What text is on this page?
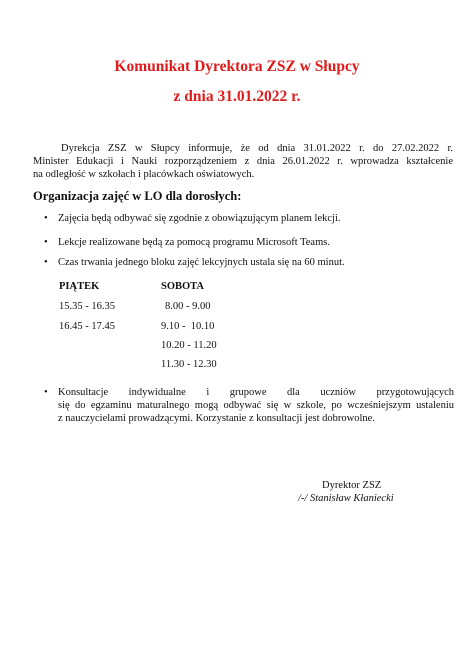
Komunikat Dyrektora ZSZ w Słupcy
z dnia 31.01.2022 r.
Dyrekcja ZSZ w Słupcy informuje, że od dnia 31.01.2022 r. do 27.02.2022 r.
Minister Edukacji i Nauki rozporządzeniem z dnia 26.01.2022 r. wprowadza kształcenie
na odległość w szkołach i placówkach oświatowych.
Organizacja zajęć w LO dla dorosłych:
• Zajęcia będą odbywać się zgodnie z obowiązującym planem lekcji.
• Lekcje realizowane będą za pomocą programu Microsoft Teams.
• Czas trwania jednego bloku zajęć lekcyjnych ustala się na 60 minut.
PIĄTEK	SOBOTA
15.35 - 16.35
16.45 - 17.45
8.00 - 9.00
9.10 -  10.10
10.20 - 11.20
11.30 - 12.30
• Konsultacje indywidualne i grupowe dla uczniów przygotowujących
się do egzaminu maturalnego mogą odbywać się w szkole, po wcześniejszym ustaleniu
z nauczycielami prowadzącymi. Korzystanie z konsultacji jest dobrowolne.
Dyrektor ZSZ
/-/ Stanisław Kłaniecki
